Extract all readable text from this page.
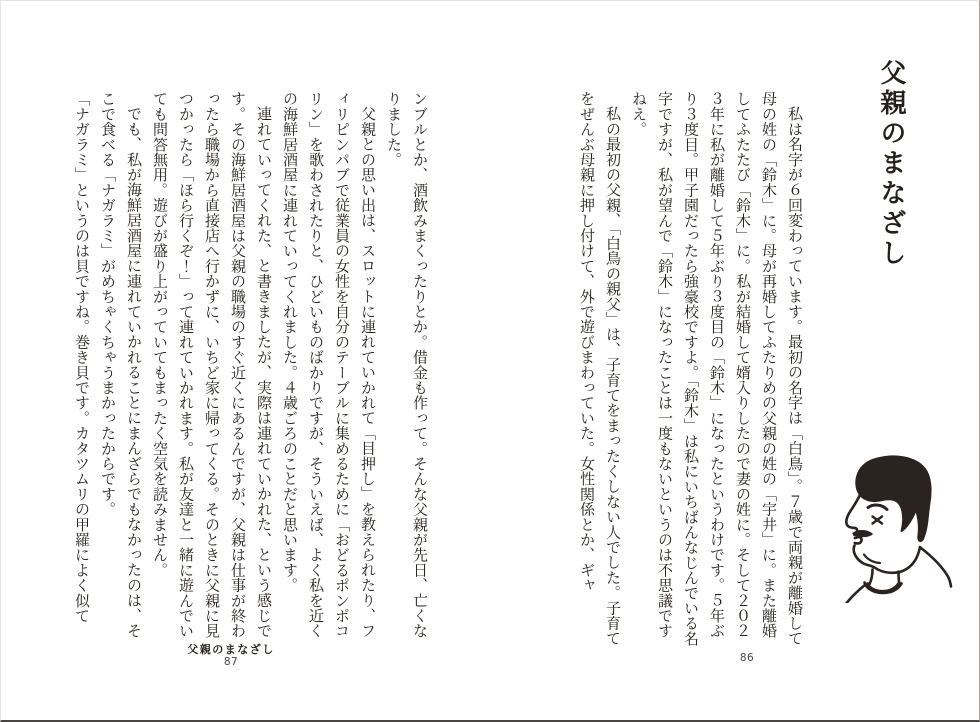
父親のまなざし

私は名字が６回変わっています。最初の名字は「白鳥」。７歳で両親が離婚して母の姓の「鈴木」に。母が再婚してふたりめの父親の姓の「宇井」に。また離婚してふたたび「鈴木」に。私が結婚して婿入りしたので妻の姓に。そして２０２３年に私が離婚して５年ぶり３度目の「鈴木」になったというわけです。５年ぶり３度目。甲子園だったら強豪校ですよ。「鈴木」は私にいちばんなじんでいる名字ですが、私が望んで「鈴木」になったことは一度もないというのは不思議ですねえ。

私の最初の父親、「白鳥の親父」は、子育てをまったくしない人でした。子育てをぜんぶ母親に押し付けて、外で遊びまわっていた。女性関係とか、ギャ

86

ンブルとか、酒飲みまくったりとか。借金も作って。そんな父親が先日、亡くなりました。

父親との思い出は、スロットに連れていかれて「目押し」を教えられたり、フィリピンパブで従業員の女性を自分のテーブルに集めるために「おどるポンポコリン」を歌わされたりと、ひどいものばかりですが、そういえば、よく私を近くの海鮮居酒屋に連れていってくれました。４歳ごろのことだと思います。

連れていってくれた、と書きましたが、実際は連れていかれた、という感じです。その海鮮居酒屋は父親の職場のすぐ近くにあるんですが、父親は仕事が終わったら職場から直接店へ行かずに、いちど家に帰ってくる。そのときに父親に見つかったら「ほら行くぞ！」って連れていかれます。私が友達と一緒に遊んでいても問答無用。遊びが盛り上がっていてもまったく空気を読みません。

でも、私が海鮮居酒屋に連れていかれることにまんざらでもなかったのは、そこで食べる「ナガラミ」がめちゃくちゃうまかったからです。

「ナガラミ」というのは貝ですね。巻き貝です。カタツムリの甲羅によく似て

父親のまなざし
87
